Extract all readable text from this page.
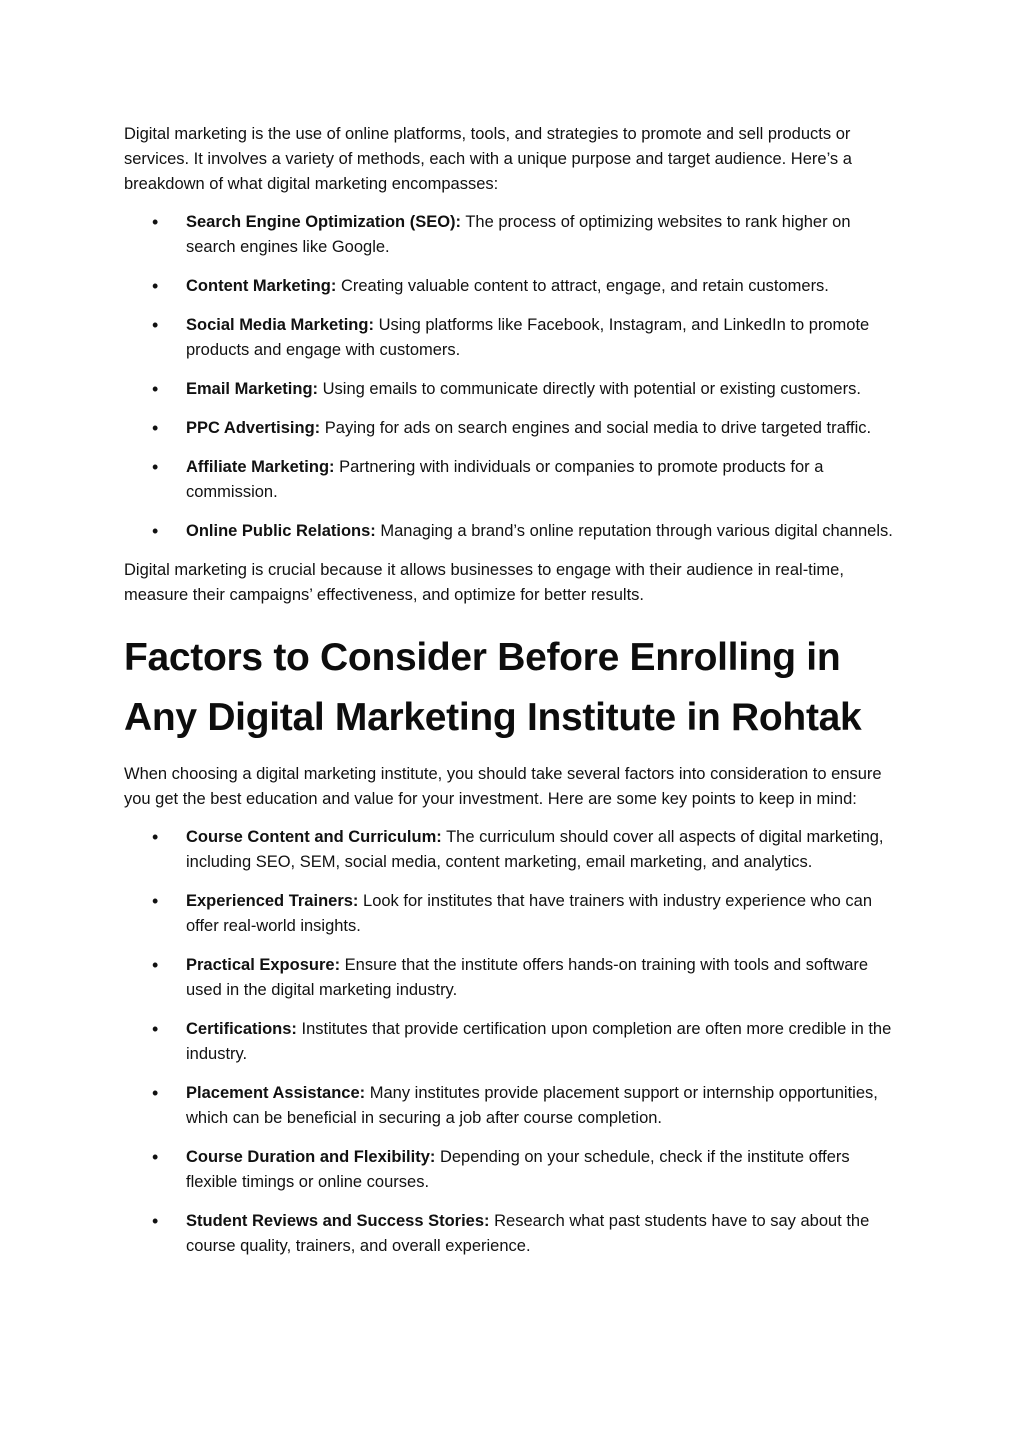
Digital marketing is the use of online platforms, tools, and strategies to promote and sell products or services. It involves a variety of methods, each with a unique purpose and target audience. Here’s a breakdown of what digital marketing encompasses:

• Search Engine Optimization (SEO): The process of optimizing websites to rank higher on search engines like Google.
• Content Marketing: Creating valuable content to attract, engage, and retain customers.
• Social Media Marketing: Using platforms like Facebook, Instagram, and LinkedIn to promote products and engage with customers.
• Email Marketing: Using emails to communicate directly with potential or existing customers.
• PPC Advertising: Paying for ads on search engines and social media to drive targeted traffic.
• Affiliate Marketing: Partnering with individuals or companies to promote products for a commission.
• Online Public Relations: Managing a brand’s online reputation through various digital channels.

Digital marketing is crucial because it allows businesses to engage with their audience in real-time, measure their campaigns’ effectiveness, and optimize for better results.

Factors to Consider Before Enrolling in Any Digital Marketing Institute in Rohtak

When choosing a digital marketing institute, you should take several factors into consideration to ensure you get the best education and value for your investment. Here are some key points to keep in mind:

• Course Content and Curriculum: The curriculum should cover all aspects of digital marketing, including SEO, SEM, social media, content marketing, email marketing, and analytics.
• Experienced Trainers: Look for institutes that have trainers with industry experience who can offer real-world insights.
• Practical Exposure: Ensure that the institute offers hands-on training with tools and software used in the digital marketing industry.
• Certifications: Institutes that provide certification upon completion are often more credible in the industry.
• Placement Assistance: Many institutes provide placement support or internship opportunities, which can be beneficial in securing a job after course completion.
• Course Duration and Flexibility: Depending on your schedule, check if the institute offers flexible timings or online courses.
• Student Reviews and Success Stories: Research what past students have to say about the course quality, trainers, and overall experience.
